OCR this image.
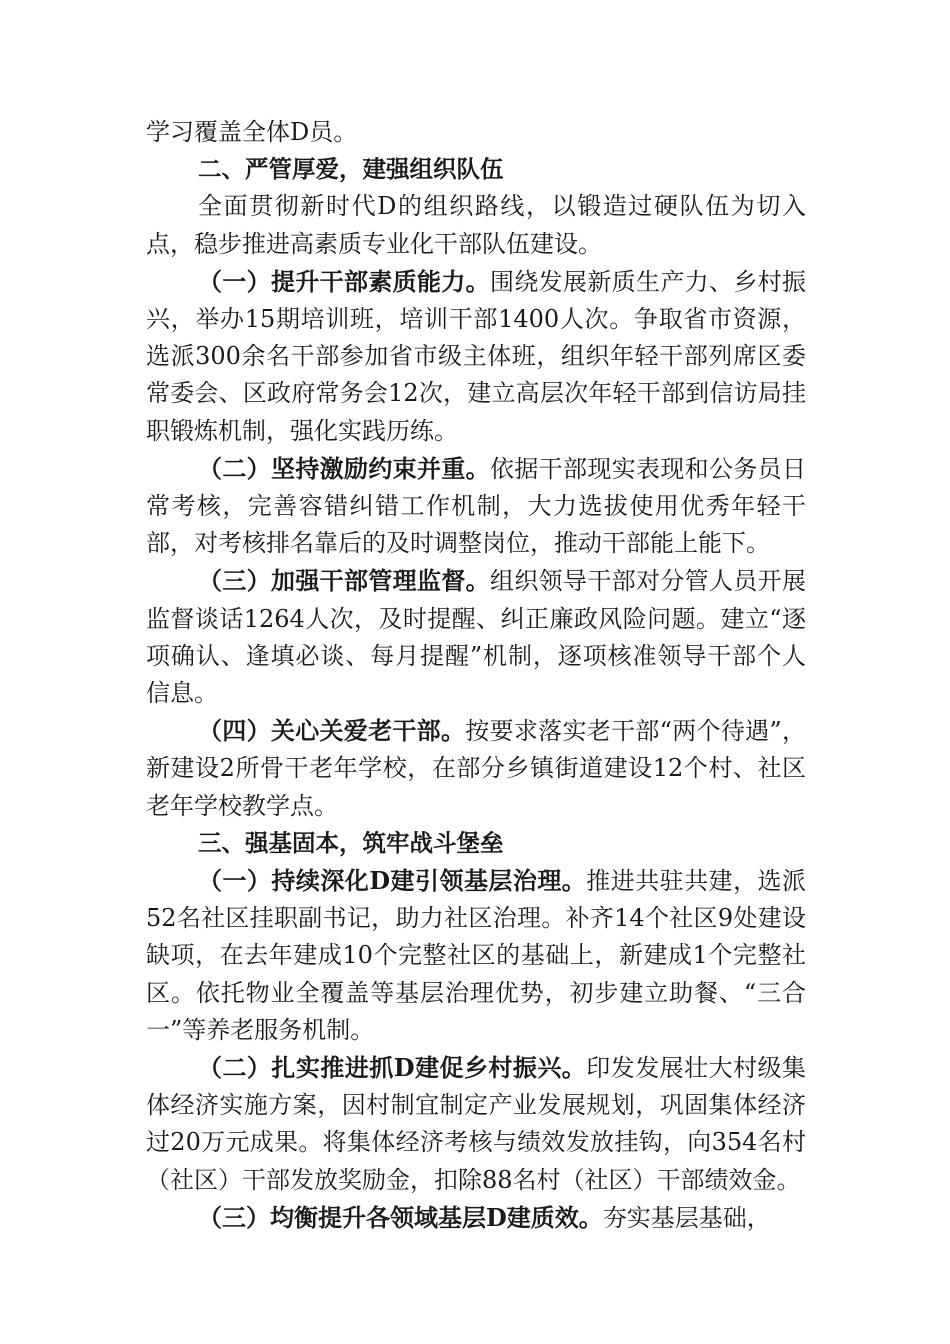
学习覆盖全体D员。

二、严管厚爱，建强组织队伍

全面贯彻新时代D的组织路线，以锻造过硬队伍为切入点，稳步推进高素质专业化干部队伍建设。

（一）提升干部素质能力。围绕发展新质生产力、乡村振兴，举办15期培训班，培训干部1400人次。争取省市资源，选派300余名干部参加省市级主体班，组织年轻干部列席区委常委会、区政府常务会12次，建立高层次年轻干部到信访局挂职锻炼机制，强化实践历练。

（二）坚持激励约束并重。依据干部现实表现和公务员日常考核，完善容错纠错工作机制，大力选拔使用优秀年轻干部，对考核排名靠后的及时调整岗位，推动干部能上能下。

（三）加强干部管理监督。组织领导干部对分管人员开展监督谈话1264人次，及时提醒、纠正廉政风险问题。建立“逐项确认、逢填必谈、每月提醒”机制，逐项核准领导干部个人信息。

（四）关心关爱老干部。按要求落实老干部“两个待遇”，新建设2所骨干老年学校，在部分乡镇街道建设12个村、社区老年学校教学点。

三、强基固本，筑牢战斗堡垒

（一）持续深化D建引领基层治理。推进共驻共建，选派52名社区挂职副书记，助力社区治理。补齐14个社区9处建设缺项，在去年建成10个完整社区的基础上，新建成1个完整社区。依托物业全覆盖等基层治理优势，初步建立助餐、“三合一”等养老服务机制。

（二）扎实推进抓D建促乡村振兴。印发发展壮大村级集体经济实施方案，因村制宜制定产业发展规划，巩固集体经济过20万元成果。将集体经济考核与绩效发放挂钩，向354名村（社区）干部发放奖励金，扣除88名村（社区）干部绩效金。

（三）均衡提升各领域基层D建质效。夯实基层基础，
